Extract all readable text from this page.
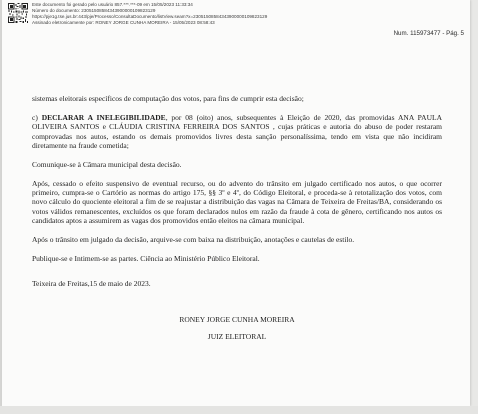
Este documento foi gerado pelo usuário 857.***.***-09 em 15/05/2023 11:33:34
Número do documento: 23051508584343900000109823129
https://pje1g.tse.jus.br:443/pje/Processo/ConsultaDocumento/listView.seam?x=23051508584343900000109823129
Assinado eletronicamente por: RONEY JORGE CUNHA MOREIRA - 15/05/2023 08:58:43
Num. 115973477 - Pág. 5

sistemas eleitorais específicos de computação dos votos, para fins de cumprir esta decisão;

c) DECLARAR A INELEGIBILIDADE, por 08 (oito) anos, subsequentes à Eleição de 2020, das promovidas ANA PAULA OLIVEIRA SANTOS e CLÁUDIA CRISTINA FERREIRA DOS SANTOS , cujas práticas e autoria do abuso de poder restaram comprovadas nos autos, estando os demais promovidos livres desta sanção personalíssima, tendo em vista que não incidiram diretamente na fraude cometida;

Comunique-se à Câmara municipal desta decisão.

Após, cessado o efeito suspensivo de eventual recurso, ou do advento do trânsito em julgado certificado nos autos, o que ocorrer primeiro, cumpra-se o Cartório as normas do artigo 175, §§ 3º e 4º, do Código Eleitoral, e proceda-se à retotalização dos votos, com novo cálculo do quociente eleitoral a fim de se reajustar a distribuição das vagas na Câmara de Teixeira de Freitas/BA, considerando os votos válidos remanescentes, excluídos os que foram declarados nulos em razão da fraude à cota de gênero, certificando nos autos os candidatos aptos a assumirem as vagas dos promovidos então eleitos na câmara municipal.

Após o trânsito em julgado da decisão, arquive-se com baixa na distribuição, anotações e cautelas de estilo.

Publique-se e Intimem-se as partes. Ciência ao Ministério Público Eleitoral.

Teixeira de Freitas,15 de maio de 2023.

RONEY JORGE CUNHA MOREIRA

JUIZ ELEITORAL
